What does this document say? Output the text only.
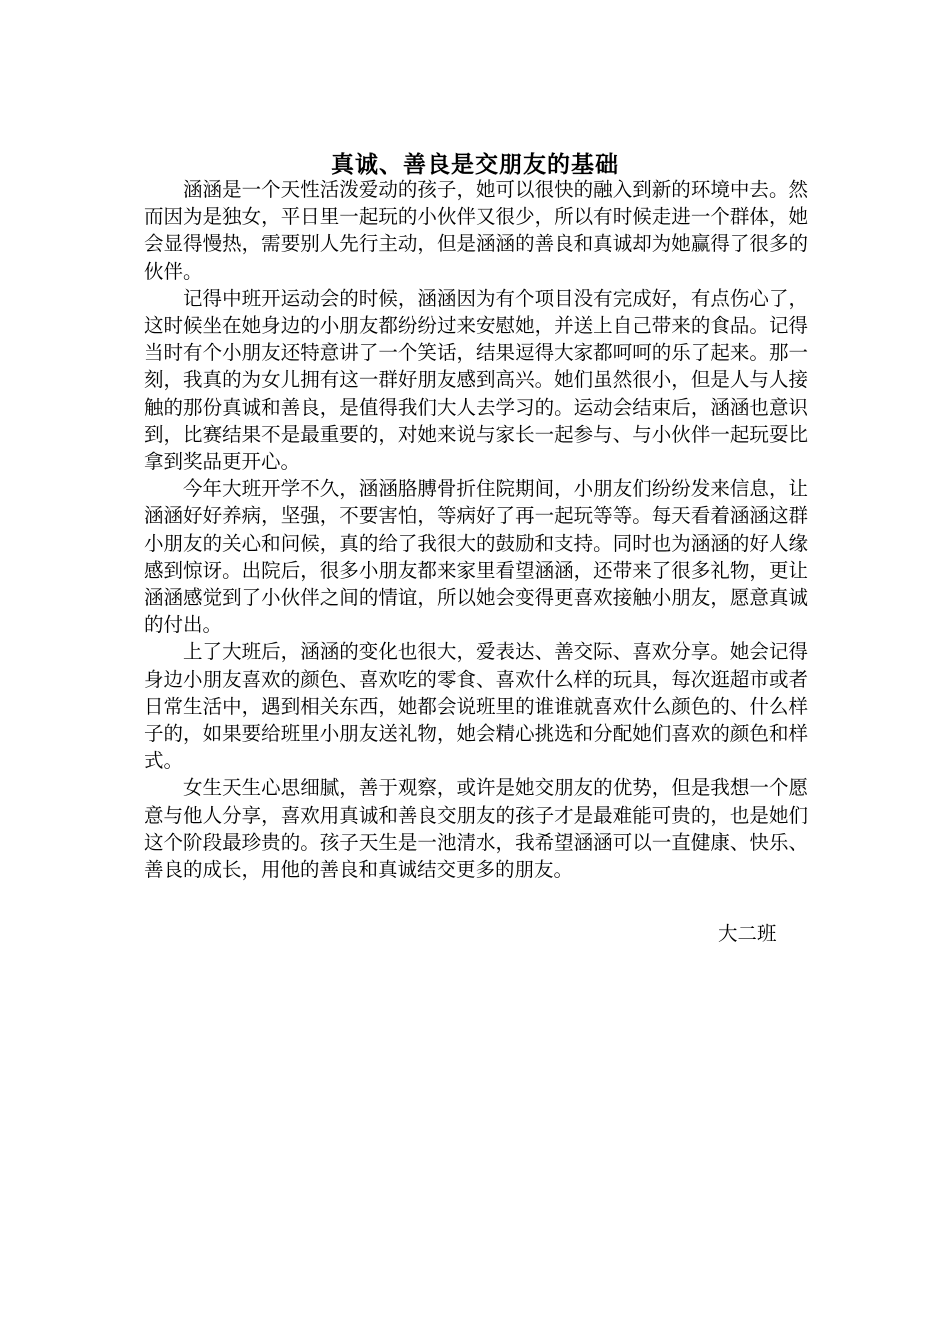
真诚、善良是交朋友的基础

涵涵是一个天性活泼爱动的孩子，她可以很快的融入到新的环境中去。然而因为是独女，平日里一起玩的小伙伴又很少，所以有时候走进一个群体，她会显得慢热，需要别人先行主动，但是涵涵的善良和真诚却为她赢得了很多的伙伴。

记得中班开运动会的时候，涵涵因为有个项目没有完成好，有点伤心了，这时候坐在她身边的小朋友都纷纷过来安慰她，并送上自己带来的食品。记得当时有个小朋友还特意讲了一个笑话，结果逗得大家都呵呵的乐了起来。那一刻，我真的为女儿拥有这一群好朋友感到高兴。她们虽然很小，但是人与人接触的那份真诚和善良，是值得我们大人去学习的。运动会结束后，涵涵也意识到，比赛结果不是最重要的，对她来说与家长一起参与、与小伙伴一起玩耍比拿到奖品更开心。

今年大班开学不久，涵涵胳膊骨折住院期间，小朋友们纷纷发来信息，让涵涵好好养病，坚强，不要害怕，等病好了再一起玩等等。每天看着涵涵这群小朋友的关心和问候，真的给了我很大的鼓励和支持。同时也为涵涵的好人缘感到惊讶。出院后，很多小朋友都来家里看望涵涵，还带来了很多礼物，更让涵涵感觉到了小伙伴之间的情谊，所以她会变得更喜欢接触小朋友，愿意真诚的付出。

上了大班后，涵涵的变化也很大，爱表达、善交际、喜欢分享。她会记得身边小朋友喜欢的颜色、喜欢吃的零食、喜欢什么样的玩具，每次逛超市或者日常生活中，遇到相关东西，她都会说班里的谁谁就喜欢什么颜色的、什么样子的，如果要给班里小朋友送礼物，她会精心挑选和分配她们喜欢的颜色和样式。

女生天生心思细腻，善于观察，或许是她交朋友的优势，但是我想一个愿意与他人分享，喜欢用真诚和善良交朋友的孩子才是最难能可贵的，也是她们这个阶段最珍贵的。孩子天生是一池清水，我希望涵涵可以一直健康、快乐、善良的成长，用他的善良和真诚结交更多的朋友。

大二班
